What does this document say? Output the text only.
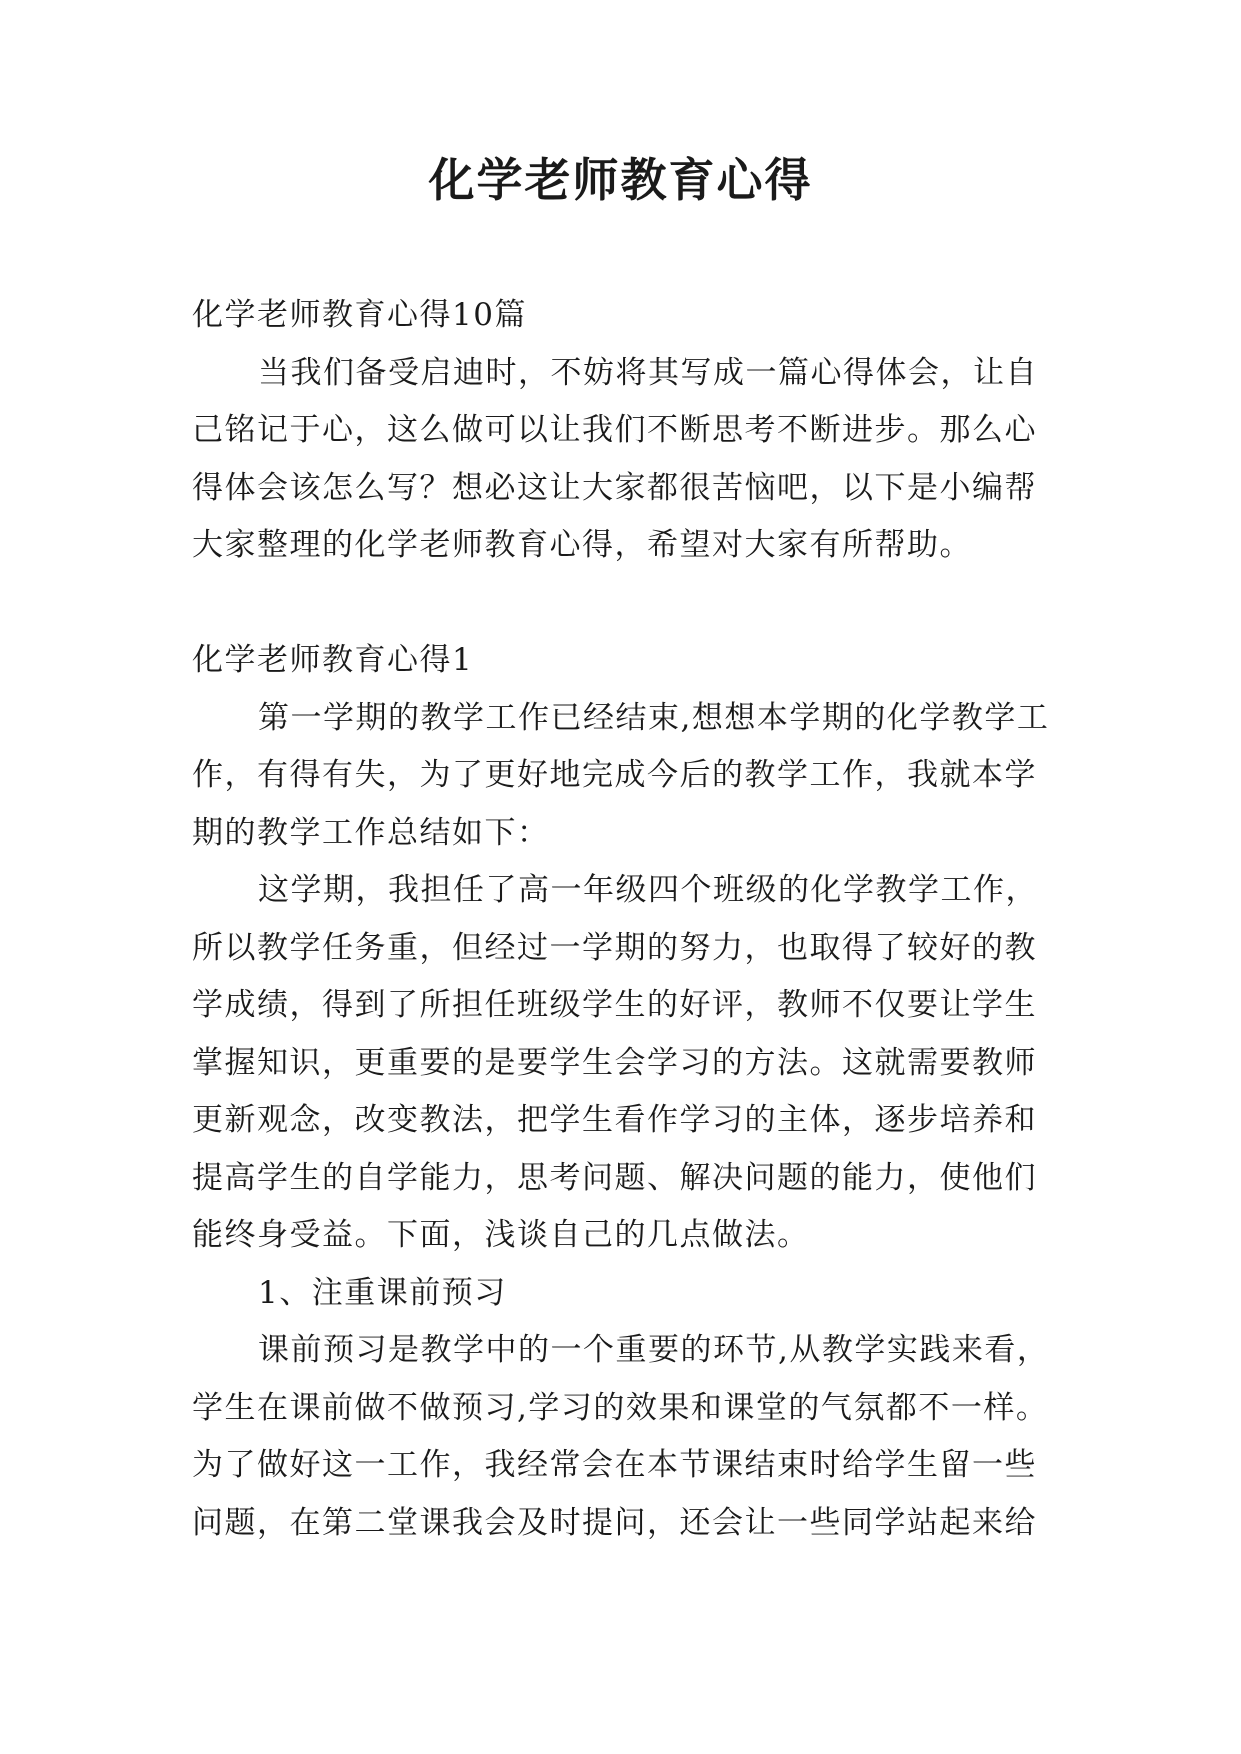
化学老师教育心得

化学老师教育心得10篇

当我们备受启迪时，不妨将其写成一篇心得体会，让自己铭记于心，这么做可以让我们不断思考不断进步。那么心得体会该怎么写？想必这让大家都很苦恼吧，以下是小编帮大家整理的化学老师教育心得，希望对大家有所帮助。

化学老师教育心得1

第一学期的教学工作已经结束,想想本学期的化学教学工作，有得有失，为了更好地完成今后的教学工作，我就本学期的教学工作总结如下：

这学期，我担任了高一年级四个班级的化学教学工作，所以教学任务重，但经过一学期的努力，也取得了较好的教学成绩，得到了所担任班级学生的好评，教师不仅要让学生掌握知识，更重要的是要学生会学习的方法。这就需要教师更新观念，改变教法，把学生看作学习的主体，逐步培养和提高学生的自学能力，思考问题、解决问题的能力，使他们能终身受益。下面，浅谈自己的几点做法。

1、注重课前预习

课前预习是教学中的一个重要的环节,从教学实践来看，学生在课前做不做预习,学习的效果和课堂的气氛都不一样。为了做好这一工作，我经常会在本节课结束时给学生留一些问题，在第二堂课我会及时提问，还会让一些同学站起来给
